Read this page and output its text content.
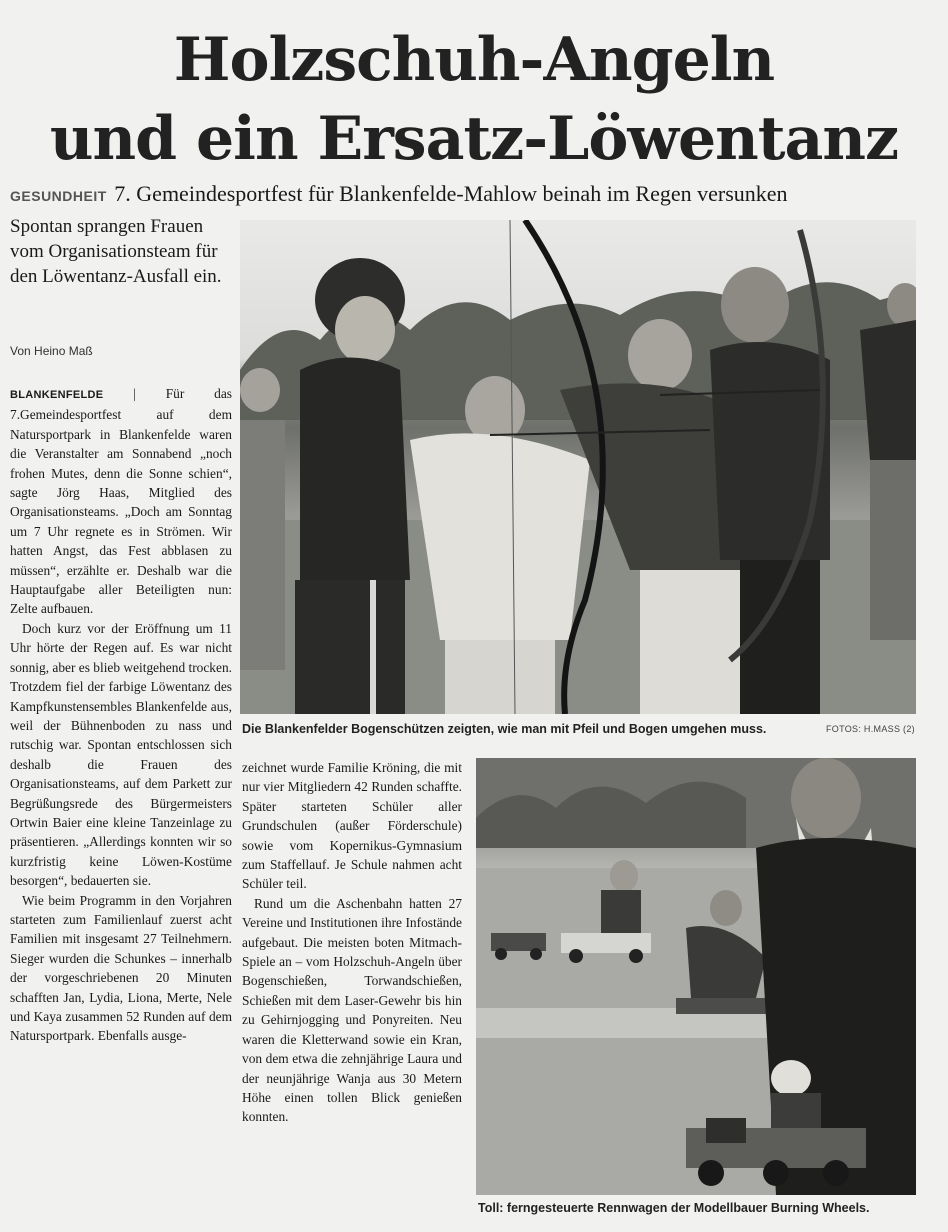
Holzschuh-Angeln
und ein Ersatz-Löwentanz
GESUNDHEIT 7. Gemeindesportfest für Blankenfelde-Mahlow beinah im Regen versunken
Spontan sprangen Frauen vom Organisationsteam für den Löwentanz-Ausfall ein.
Von Heino Maß

BLANKENFELDE | Für das 7.Gemeindesportfest auf dem Natursportpark in Blankenfelde waren die Veranstalter am Sonnabend „noch frohen Mutes, denn die Sonne schien“, sagte Jörg Haas, Mitglied des Organisationsteams. „Doch am Sonntag um 7 Uhr regnete es in Strömen. Wir hatten Angst, das Fest abblasen zu müssen“, erzählte er. Deshalb war die Hauptaufgabe aller Beteiligten nun: Zelte aufbauen.

Doch kurz vor der Eröffnung um 11 Uhr hörte der Regen auf. Es war nicht sonnig, aber es blieb weitgehend trocken. Trotzdem fiel der farbige Löwentanz des Kampfkunstensembles Blankenfelde aus, weil der Bühnenboden zu nass und rutschig war. Spontan entschlossen sich deshalb die Frauen des Organisationsteams, auf dem Parkett zur Begrüßungsrede des Bürgermeisters Ortwin Baier eine kleine Tanzeinlage zu präsentieren. „Allerdings konnten wir so kurzfristig keine Löwen-Kostüme besorgen“, bedauerten sie.

Wie beim Programm in den Vorjahren starteten zum Familienlauf zuerst acht Familien mit insgesamt 27 Teilnehmern. Sieger wurden die Schunkes – innerhalb der vorgeschriebenen 20 Minuten schafften Jan, Lydia, Liona, Merte, Nele und Kaya zusammen 52 Runden auf dem Natursportpark. Ebenfalls ausge-

zeichnet wurde Familie Kröning, die mit nur vier Mitgliedern 42 Runden schaffte. Später starteten Schüler aller Grundschulen (außer Förderschule) sowie vom Kopernikus-Gymnasium zum Staffellauf. Je Schule nahmen acht Schüler teil.

Rund um die Aschenbahn hatten 27 Vereine und Institutionen ihre Infostände aufgebaut. Die meisten boten Mitmach-Spiele an – vom Holzschuh-Angeln über Bogenschießen, Torwandschießen, Schießen mit dem Laser-Gewehr bis hin zu Gehirnjogging und Ponyreiten. Neu waren die Kletterwand sowie ein Kran, von dem etwa die zehnjährige Laura und der neunjährige Wanja aus 30 Metern Höhe einen tollen Blick genießen konnten.

Die Blankenfelder Bogenschützen zeigten, wie man mit Pfeil und Bogen umgehen muss.	FOTOS: H.MASS (2)
Toll: ferngesteuerte Rennwagen der Modellbauer Burning Wheels.
